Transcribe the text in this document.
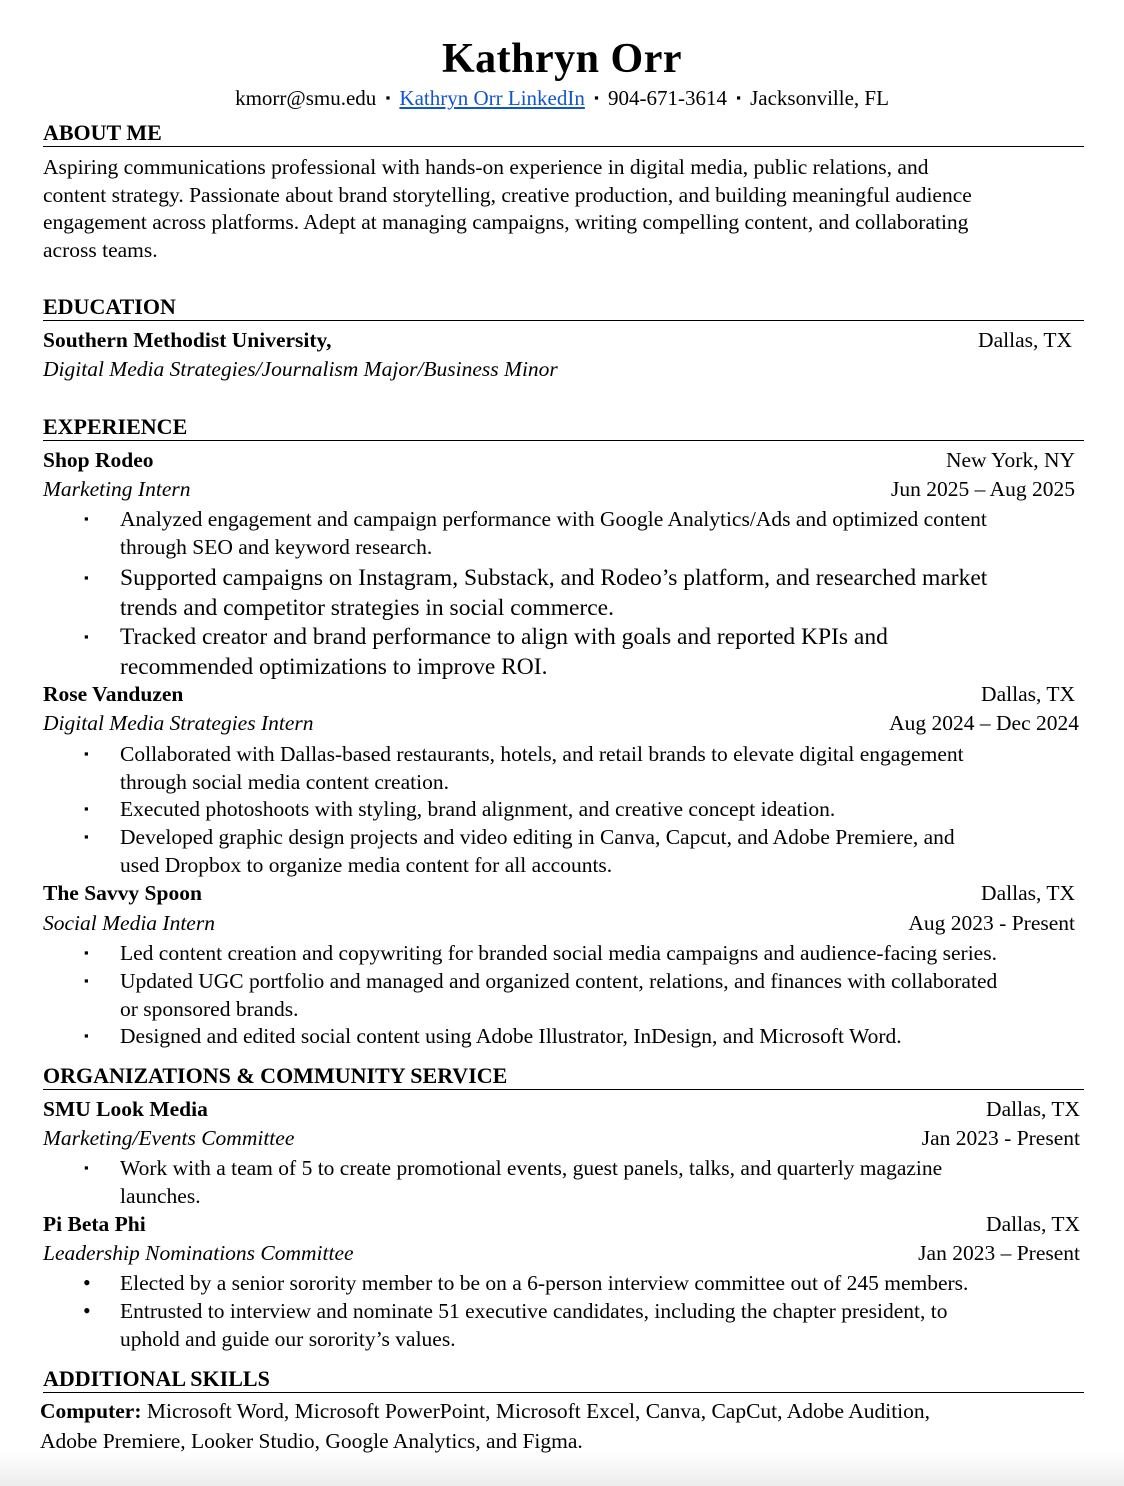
Kathryn Orr
kmorr@smu.edu ▪ Kathryn Orr LinkedIn ▪ 904-671-3614 ▪ Jacksonville, FL
ABOUT ME
Aspiring communications professional with hands-on experience in digital media, public relations, and
content strategy. Passionate about brand storytelling, creative production, and building meaningful audience
engagement across platforms. Adept at managing campaigns, writing compelling content, and collaborating
across teams.
EDUCATION
Southern Methodist University,	Dallas, TX
Digital Media Strategies/Journalism Major/Business Minor
EXPERIENCE
Shop Rodeo	New York, NY
Marketing Intern	Jun 2025 – Aug 2025
▪ Analyzed engagement and campaign performance with Google Analytics/Ads and optimized content
through SEO and keyword research.
▪ Supported campaigns on Instagram, Substack, and Rodeo’s platform, and researched market
trends and competitor strategies in social commerce.
▪ Tracked creator and brand performance to align with goals and reported KPIs and
recommended optimizations to improve ROI.
Rose Vanduzen	Dallas, TX
Digital Media Strategies Intern	Aug 2024 – Dec 2024
▪ Collaborated with Dallas-based restaurants, hotels, and retail brands to elevate digital engagement
through social media content creation.
▪ Executed photoshoots with styling, brand alignment, and creative concept ideation.
▪ Developed graphic design projects and video editing in Canva, Capcut, and Adobe Premiere, and
used Dropbox to organize media content for all accounts.
The Savvy Spoon	Dallas, TX
Social Media Intern	Aug 2023 - Present
▪ Led content creation and copywriting for branded social media campaigns and audience-facing series.
▪ Updated UGC portfolio and managed and organized content, relations, and finances with collaborated
or sponsored brands.
▪ Designed and edited social content using Adobe Illustrator, InDesign, and Microsoft Word.
ORGANIZATIONS & COMMUNITY SERVICE
SMU Look Media	Dallas, TX
Marketing/Events Committee	Jan 2023 - Present
▪ Work with a team of 5 to create promotional events, guest panels, talks, and quarterly magazine
launches.
Pi Beta Phi	Dallas, TX
Leadership Nominations Committee	Jan 2023 – Present
• Elected by a senior sorority member to be on a 6-person interview committee out of 245 members.
• Entrusted to interview and nominate 51 executive candidates, including the chapter president, to
uphold and guide our sorority’s values.
ADDITIONAL SKILLS
Computer: Microsoft Word, Microsoft PowerPoint, Microsoft Excel, Canva, CapCut, Adobe Audition,
Adobe Premiere, Looker Studio, Google Analytics, and Figma.
